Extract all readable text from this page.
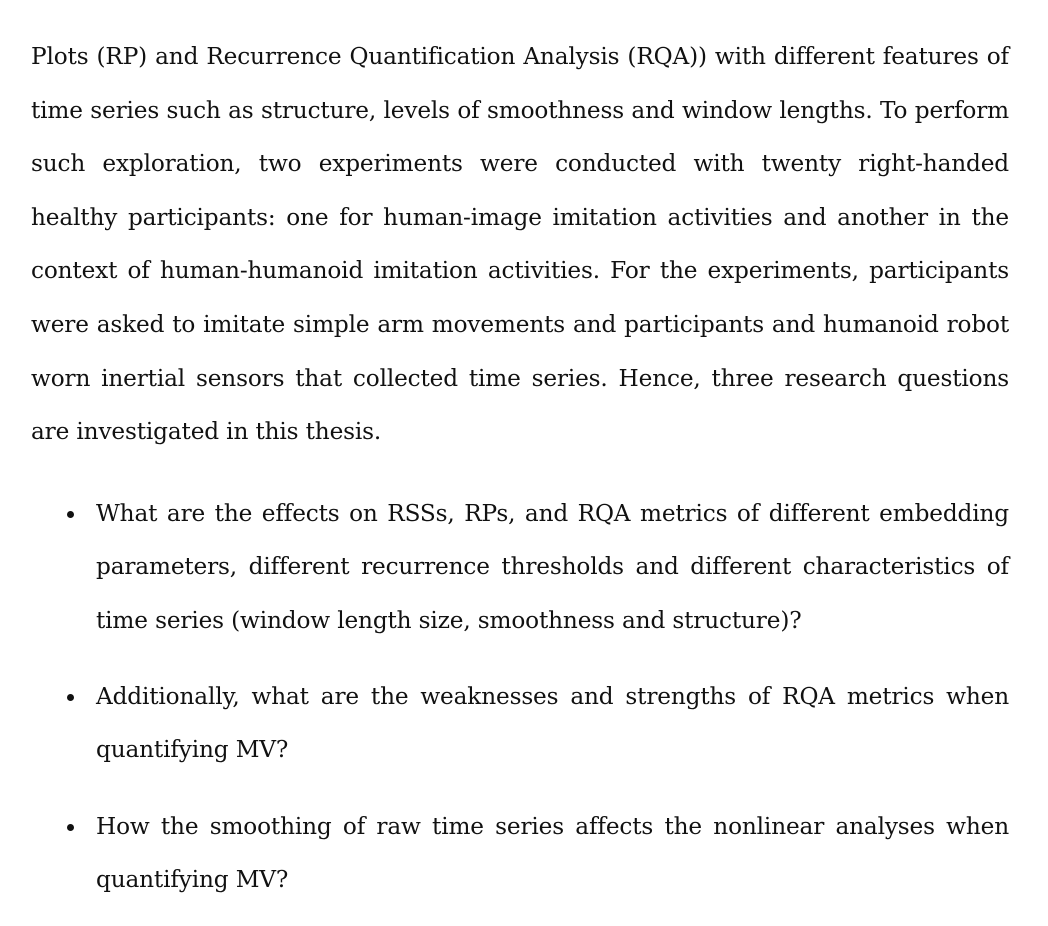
Plots (RP) and Recurrence Quantification Analysis (RQA)) with different features of time series such as structure, levels of smoothness and window lengths. To perform such exploration, two experiments were conducted with twenty right-handed healthy participants: one for human-image imitation activities and another in the context of human-humanoid imitation activities. For the experiments, participants were asked to imitate simple arm movements and participants and humanoid robot worn inertial sensors that collected time series. Hence, three research questions are investigated in this thesis.

What are the effects on RSSs, RPs, and RQA metrics of different embedding parameters, different recurrence thresholds and different characteristics of time series (window length size, smoothness and structure)?
Additionally, what are the weaknesses and strengths of RQA metrics when quantifying MV?
How the smoothing of raw time series affects the nonlinear analyses when quantifying MV?
